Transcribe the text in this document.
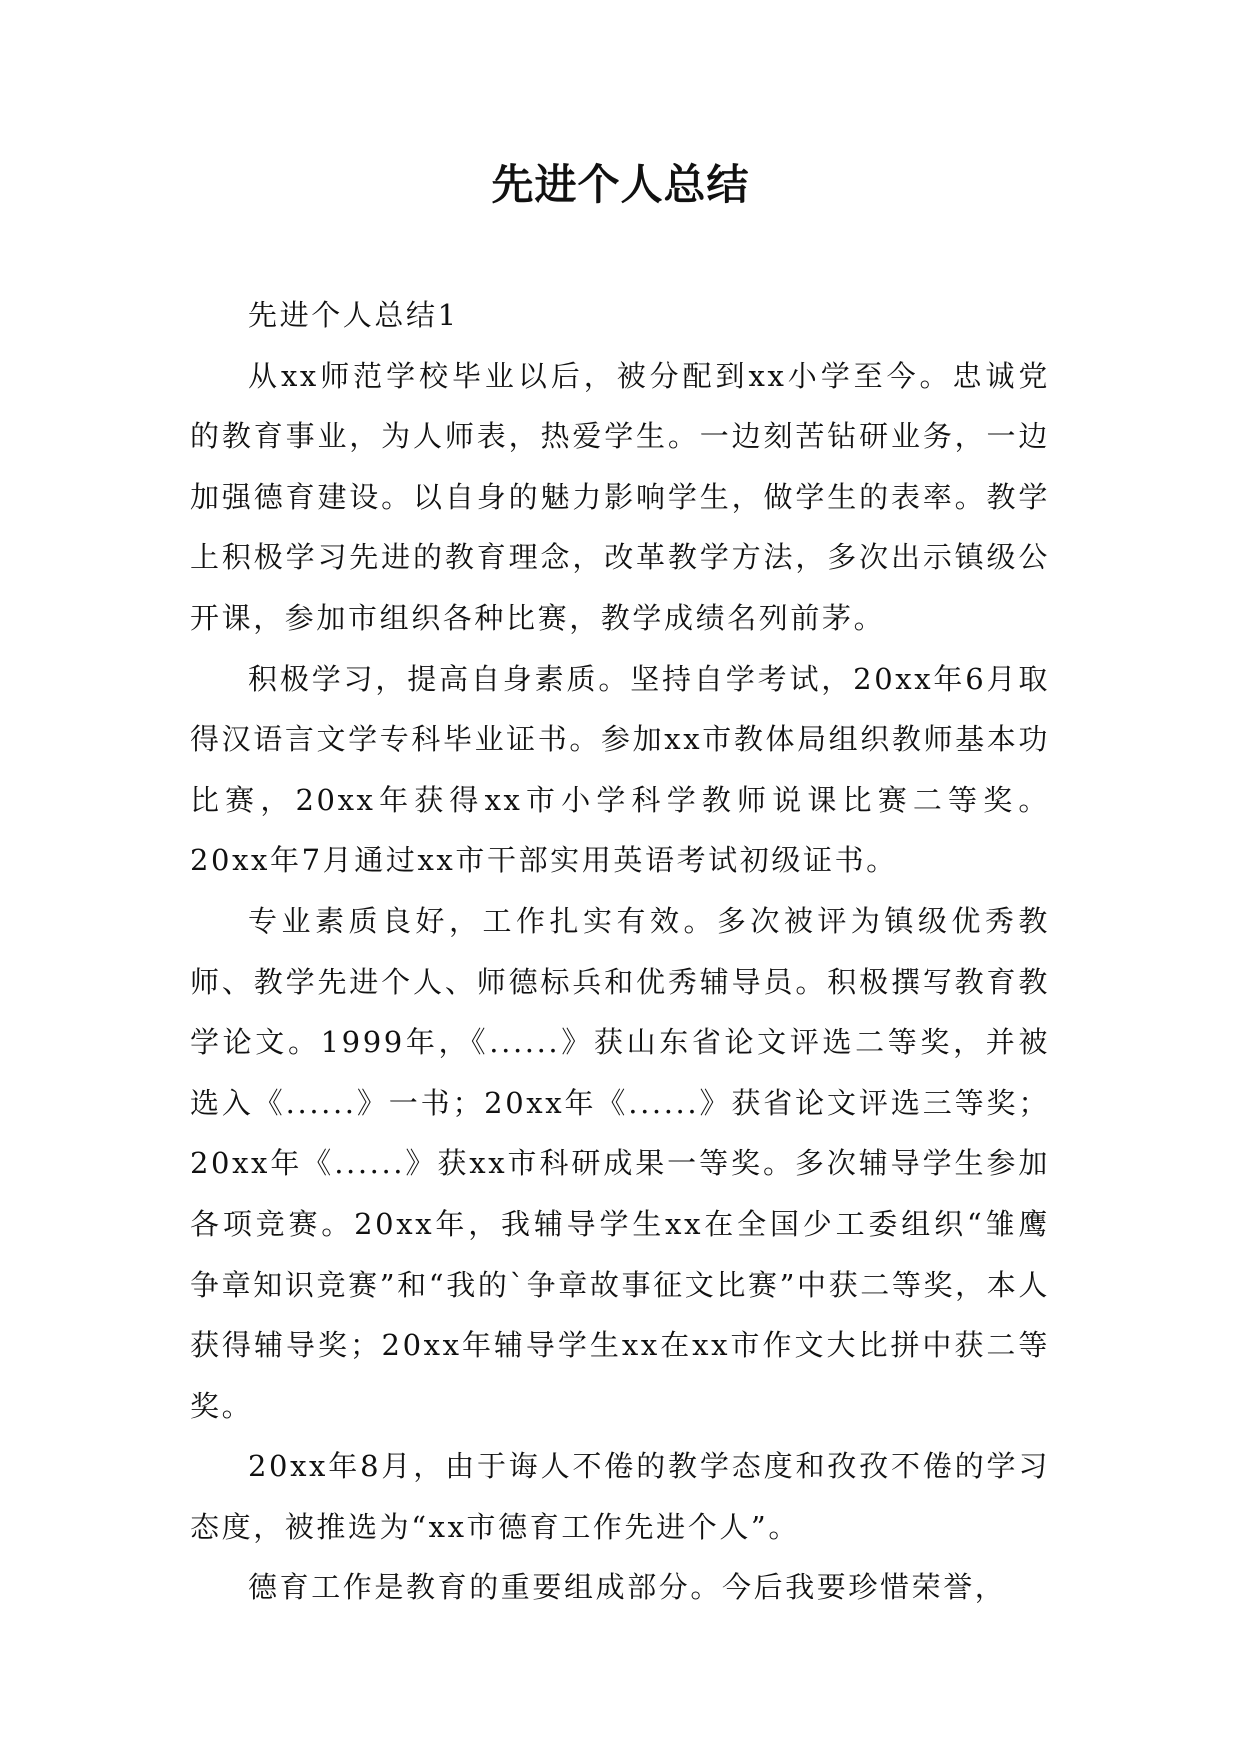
先进个人总结

先进个人总结1

从xx师范学校毕业以后，被分配到xx小学至今。忠诚党的教育事业，为人师表，热爱学生。一边刻苦钻研业务，一边加强德育建设。以自身的魅力影响学生，做学生的表率。教学上积极学习先进的教育理念，改革教学方法，多次出示镇级公开课，参加市组织各种比赛，教学成绩名列前茅。

积极学习，提高自身素质。坚持自学考试，20xx年6月取得汉语言文学专科毕业证书。参加xx市教体局组织教师基本功比赛，20xx年获得xx市小学科学教师说课比赛二等奖。20xx年7月通过xx市干部实用英语考试初级证书。

专业素质良好，工作扎实有效。多次被评为镇级优秀教师、教学先进个人、师德标兵和优秀辅导员。积极撰写教育教学论文。1999年，《......》获山东省论文评选二等奖，并被选入《......》一书；20xx年《......》获省论文评选三等奖；20xx年《......》获xx市科研成果一等奖。多次辅导学生参加各项竞赛。20xx年，我辅导学生xx在全国少工委组织“雏鹰争章知识竞赛”和“我的`争章故事征文比赛”中获二等奖，本人获得辅导奖；20xx年辅导学生xx在xx市作文大比拼中获二等奖。

20xx年8月，由于诲人不倦的教学态度和孜孜不倦的学习态度，被推选为“xx市德育工作先进个人”。

德育工作是教育的重要组成部分。今后我要珍惜荣誉，
